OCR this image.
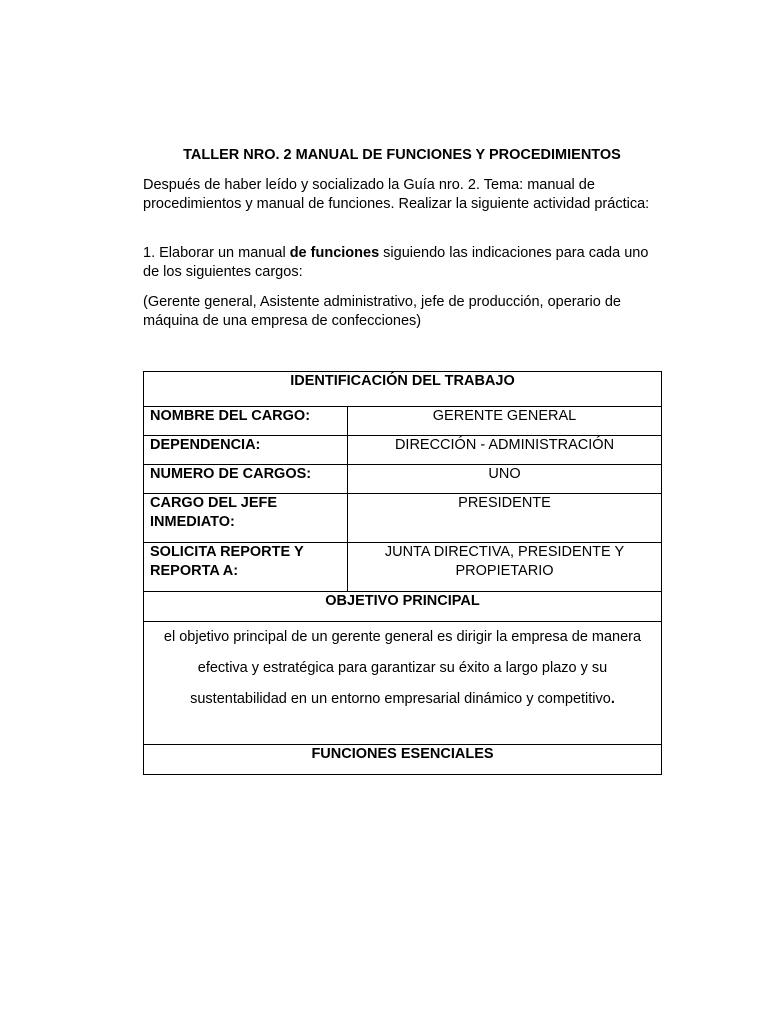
TALLER NRO. 2 MANUAL DE FUNCIONES Y PROCEDIMIENTOS
Después de haber leído y socializado la Guía nro. 2. Tema: manual de procedimientos y manual de funciones. Realizar la siguiente actividad práctica:
1. Elaborar un manual de funciones siguiendo las indicaciones para cada uno de los siguientes cargos:
(Gerente general, Asistente administrativo, jefe de producción, operario de máquina de una empresa de confecciones)
IDENTIFICACIÓN DEL TRABAJO	
NOMBRE DEL CARGO:	GERENTE GENERAL
DEPENDENCIA:	DIRECCIÓN - ADMINISTRACIÓN
NUMERO DE CARGOS:	UNO
CARGO DEL JEFE INMEDIATO:	PRESIDENTE
SOLICITA REPORTE Y REPORTA A:	JUNTA DIRECTIVA, PRESIDENTE Y PROPIETARIO
OBJETIVO PRINCIPAL	
el objetivo principal de un gerente general es dirigir la empresa de manera efectiva y estratégica para garantizar su éxito a largo plazo y su sustentabilidad en un entorno empresarial dinámico y competitivo.	
FUNCIONES ESENCIALES	
